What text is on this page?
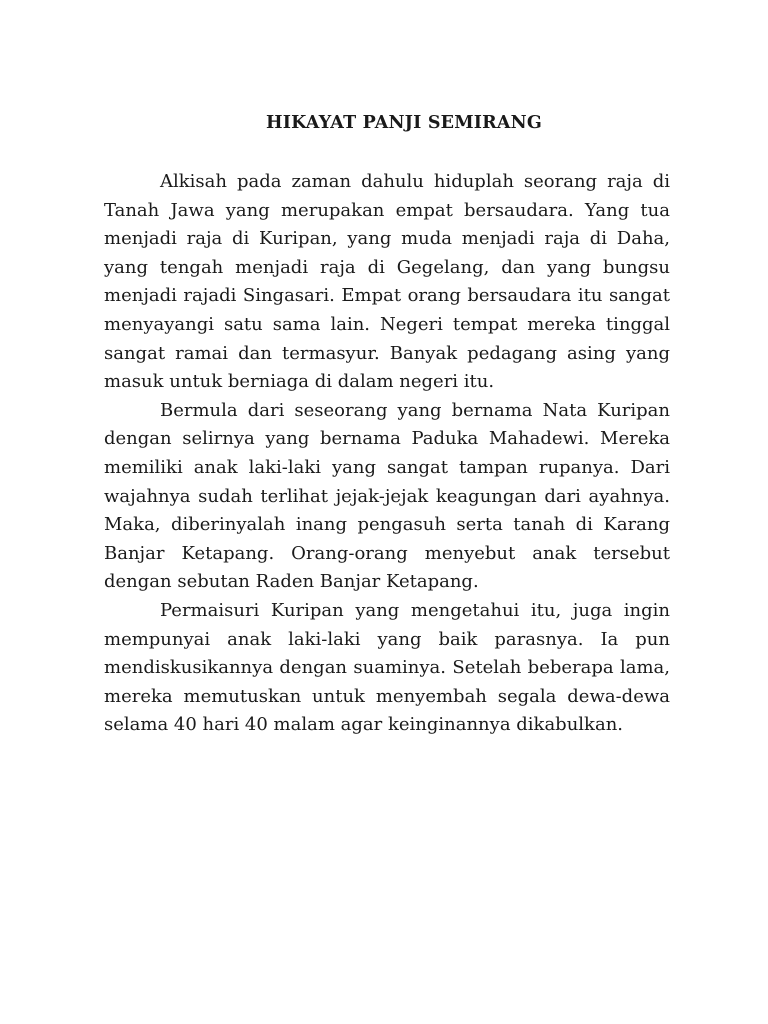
HIKAYAT PANJI SEMIRANG

Alkisah pada zaman dahulu hiduplah seorang raja di Tanah Jawa yang merupakan empat bersaudara. Yang tua menjadi raja di Kuripan, yang muda menjadi raja di Daha, yang tengah menjadi raja di Gegelang, dan yang bungsu menjadi rajadi Singasari. Empat orang bersaudara itu sangat menyayangi satu sama lain. Negeri tempat mereka tinggal sangat ramai dan termasyur. Banyak pedagang asing yang masuk untuk berniaga di dalam negeri itu.

Bermula dari seseorang yang bernama Nata Kuripan dengan selirnya yang bernama Paduka Mahadewi. Mereka memiliki anak laki-laki yang sangat tampan rupanya. Dari wajahnya sudah terlihat jejak-jejak keagungan dari ayahnya. Maka, diberinyalah inang pengasuh serta tanah di Karang Banjar Ketapang. Orang-orang menyebut anak tersebut dengan sebutan Raden Banjar Ketapang.

Permaisuri Kuripan yang mengetahui itu, juga ingin mempunyai anak laki-laki yang baik parasnya. Ia pun mendiskusikannya dengan suaminya. Setelah beberapa lama, mereka memutuskan untuk menyembah segala dewa-dewa selama 40 hari 40 malam agar keinginannya dikabulkan.
